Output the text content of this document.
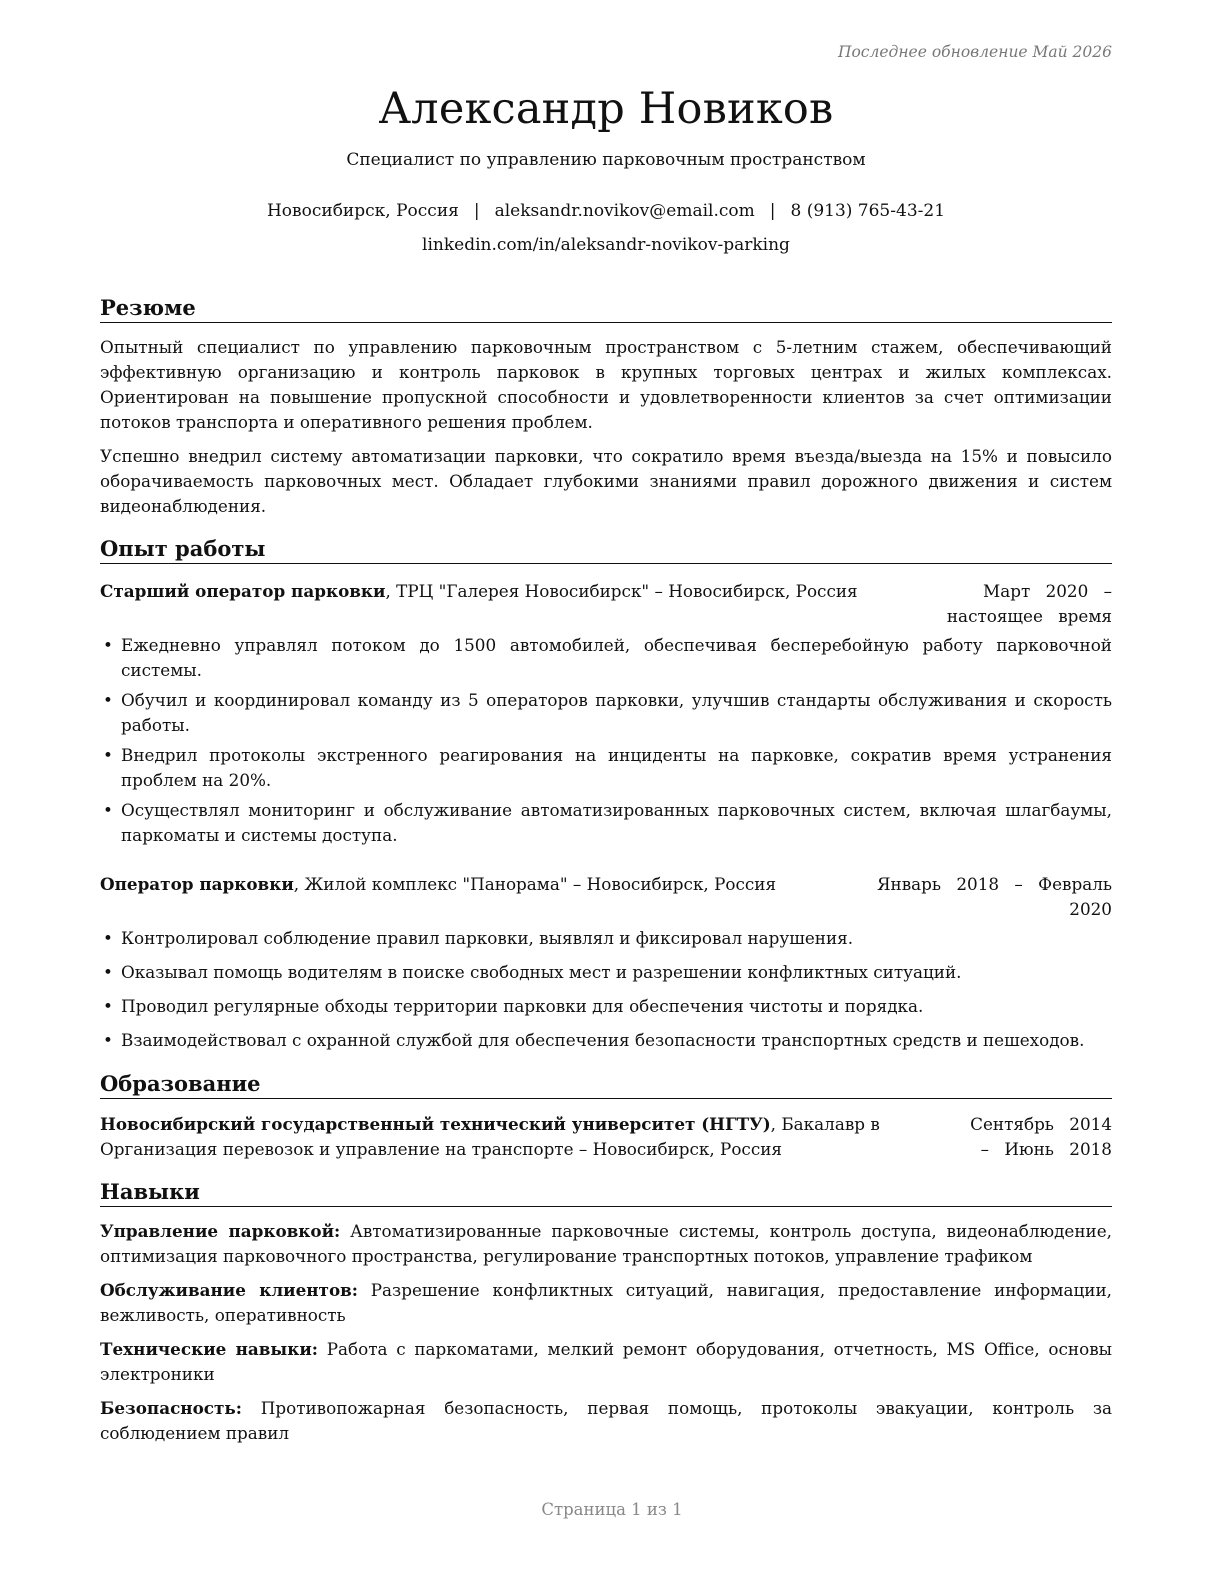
Последнее обновление Май 2026
Александр Новиков
Специалист по управлению парковочным пространством
Новосибирск, Россия | aleksandr.novikov@email.com | 8 (913) 765-43-21
linkedin.com/in/aleksandr-novikov-parking
Резюме

Опытный специалист по управлению парковочным пространством с 5-летним стажем, обеспечивающий эффективную организацию и контроль парковок в крупных торговых центрах и жилых комплексах. Ориентирован на повышение пропускной способности и удовлетворенности клиентов за счет оптимизации потоков транспорта и оперативного решения проблем.

Успешно внедрил систему автоматизации парковки, что сократило время въезда/выезда на 15% и повысило оборачиваемость парковочных мест. Обладает глубокими знаниями правил дорожного движения и систем видеонаблюдения.

Опыт работы
Старший оператор парковки, ТРЦ "Галерея Новосибирск" – Новосибирск, Россия	Март 2020 – настоящее время
• Ежедневно управлял потоком до 1500 автомобилей, обеспечивая бесперебойную работу парковочной системы.
• Обучил и координировал команду из 5 операторов парковки, улучшив стандарты обслуживания и скорость работы.
• Внедрил протоколы экстренного реагирования на инциденты на парковке, сократив время устранения проблем на 20%.
• Осуществлял мониторинг и обслуживание автоматизированных парковочных систем, включая шлагбаумы, паркоматы и системы доступа.
Оператор парковки, Жилой комплекс "Панорама" – Новосибирск, Россия	Январь 2018 – Февраль 2020
• Контролировал соблюдение правил парковки, выявлял и фиксировал нарушения.
• Оказывал помощь водителям в поиске свободных мест и разрешении конфликтных ситуаций.
• Проводил регулярные обходы территории парковки для обеспечения чистоты и порядка.
• Взаимодействовал с охранной службой для обеспечения безопасности транспортных средств и пешеходов.
Образование
Новосибирский государственный технический университет (НГТУ), Бакалавр в
Организация перевозок и управление на транспорте – Новосибирск, Россия
Сентябрь 2014 – Июнь 2018
Навыки
Управление парковкой: Автоматизированные парковочные системы, контроль доступа, видеонаблюдение, оптимизация парковочного пространства, регулирование транспортных потоков, управление трафиком
Обслуживание клиентов: Разрешение конфликтных ситуаций, навигация, предоставление информации, вежливость, оперативность
Технические навыки: Работа с паркоматами, мелкий ремонт оборудования, отчетность, MS Office, основы электроники
Безопасность: Противопожарная безопасность, первая помощь, протоколы эвакуации, контроль за соблюдением правил
Страница 1 из 1
